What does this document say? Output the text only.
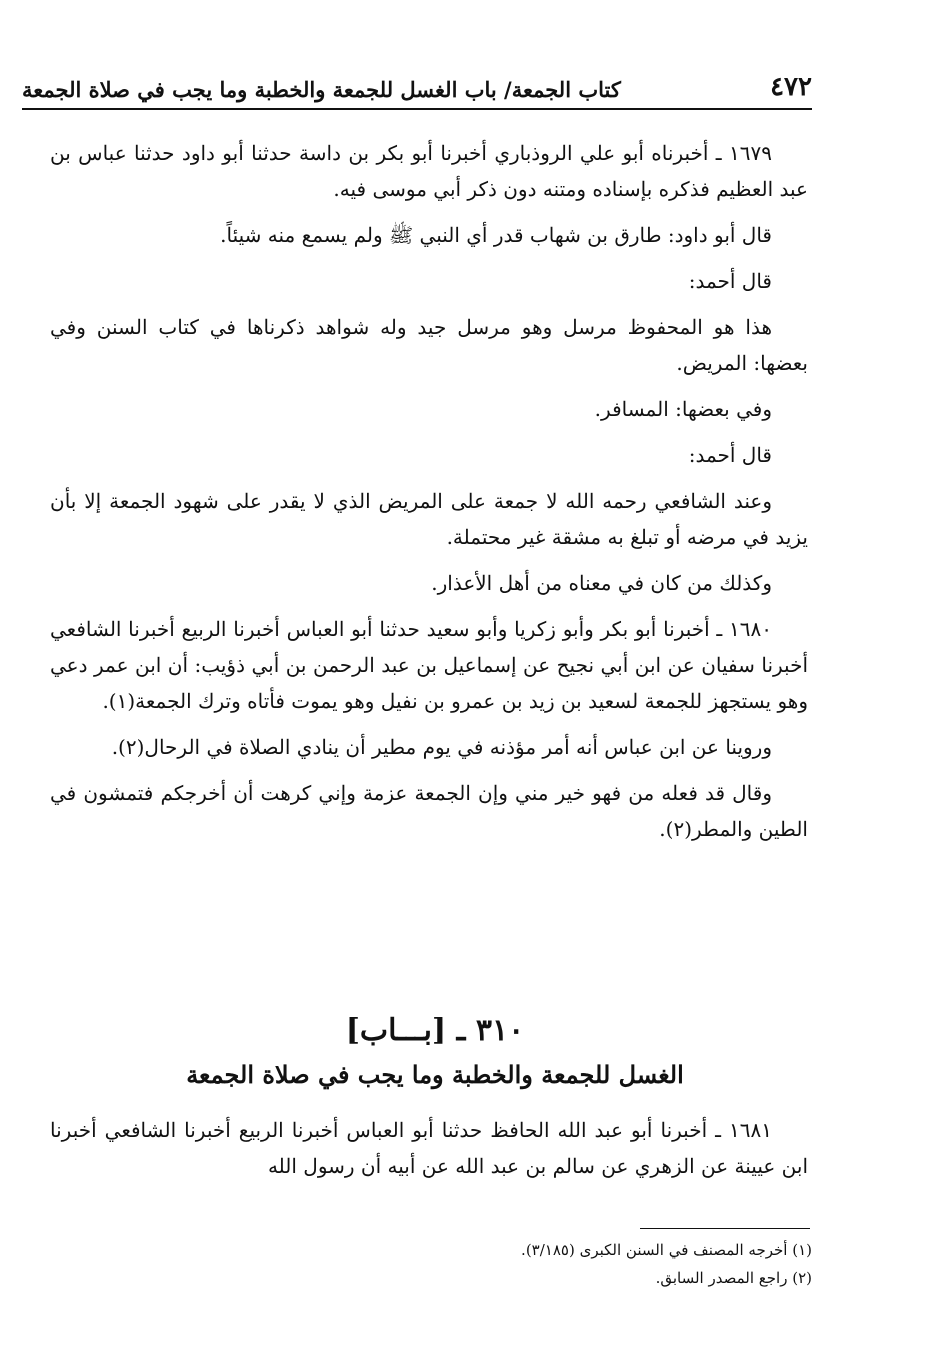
٤٧٢
كتاب الجمعة/ باب الغسل للجمعة والخطبة وما يجب في صلاة الجمعة

١٦٧٩ ـ أخبرناه أبو علي الروذباري أخبرنا أبو بكر بن داسة حدثنا أبو داود حدثنا عباس بن عبد العظيم فذكره بإسناده ومتنه دون ذكر أبي موسى فيه.

قال أبو داود: طارق بن شهاب قدر أي النبي ﷺ ولم يسمع منه شيئاً.

قال أحمد:

هذا هو المحفوظ مرسل وهو مرسل جيد وله شواهد ذكرناها في كتاب السنن وفي بعضها: المريض.

وفي بعضها: المسافر.

قال أحمد:

وعند الشافعي رحمه الله لا جمعة على المريض الذي لا يقدر على شهود الجمعة إلا بأن يزيد في مرضه أو تبلغ به مشقة غير محتملة.

وكذلك من كان في معناه من أهل الأعذار.

١٦٨٠ ـ أخبرنا أبو بكر وأبو زكريا وأبو سعيد حدثنا أبو العباس أخبرنا الربيع أخبرنا الشافعي أخبرنا سفيان عن ابن أبي نجيح عن إسماعيل بن عبد الرحمن بن أبي ذؤيب: أن ابن عمر دعي وهو يستجهز للجمعة لسعيد بن زيد بن عمرو بن نفيل وهو يموت فأتاه وترك الجمعة(١).

وروينا عن ابن عباس أنه أمر مؤذنه في يوم مطير أن ينادي الصلاة في الرحال(٢).

وقال قد فعله من فهو خير مني وإن الجمعة عزمة وإني كرهت أن أخرجكم فتمشون في الطين والمطر(٢).

٣١٠ ـ [بـــاب]
الغسل للجمعة والخطبة وما يجب في صلاة الجمعة

١٦٨١ ـ أخبرنا أبو عبد الله الحافظ حدثنا أبو العباس أخبرنا الربيع أخبرنا الشافعي أخبرنا ابن عيينة عن الزهري عن سالم بن عبد الله عن أبيه أن رسول الله

(١) أخرجه المصنف في السنن الكبرى (٣/١٨٥).
(٢) راجع المصدر السابق.
